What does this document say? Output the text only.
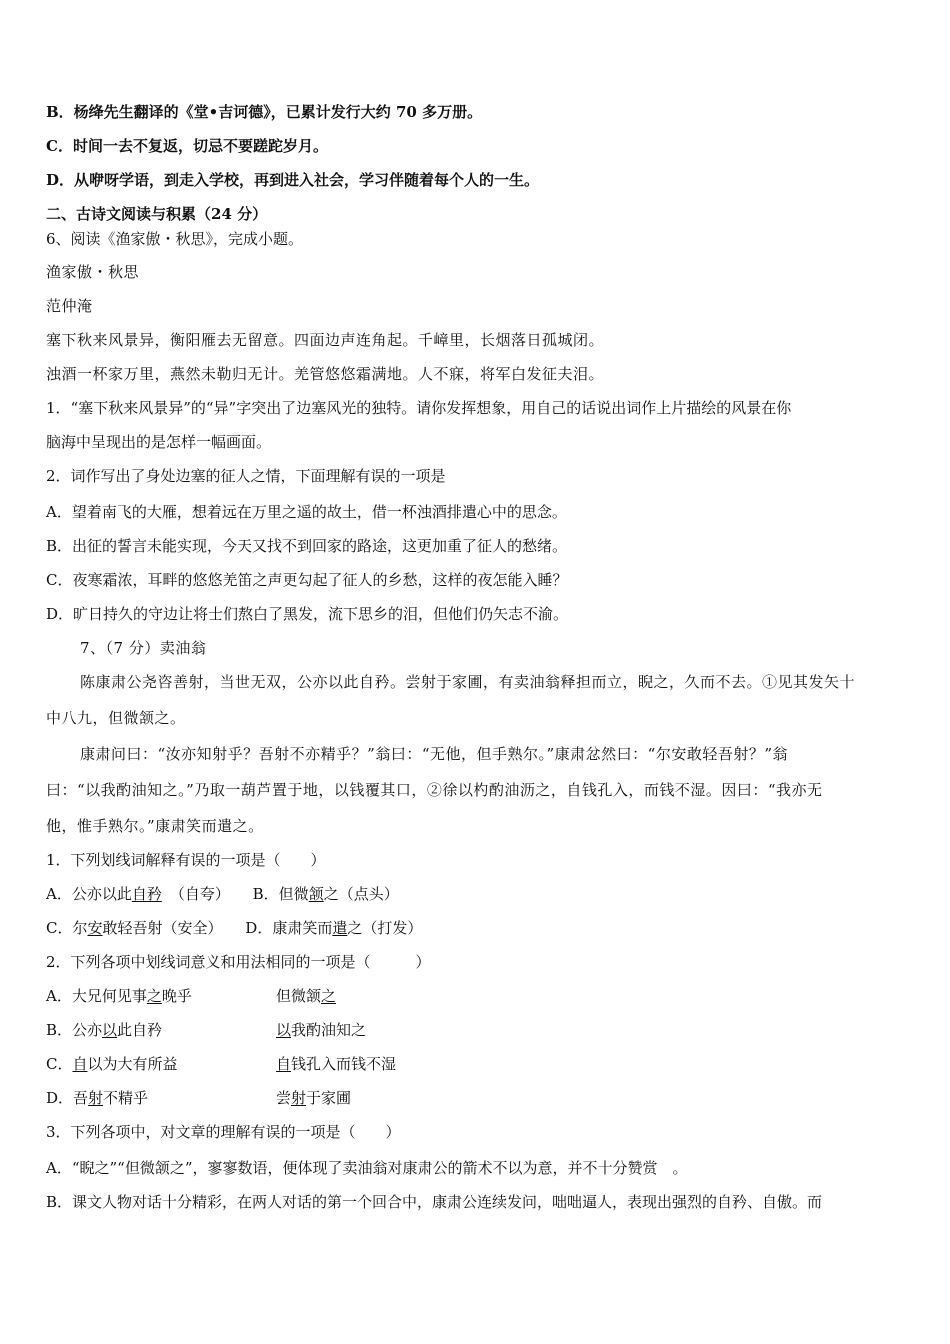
B．杨绛先生翻译的《堂•吉诃德》，已累计发行大约 70 多万册。
C．时间一去不复返，切忌不要蹉跎岁月。
D．从咿呀学语，到走入学校，再到进入社会，学习伴随着每个人的一生。
二、古诗文阅读与积累（24 分）
6、阅读《渔家傲・秋思》，完成小题。
渔家傲・秋思
范仲淹
塞下秋来风景异，衡阳雁去无留意。四面边声连角起。千嶂里，长烟落日孤城闭。
浊酒一杯家万里，燕然未勒归无计。羌管悠悠霜满地。人不寐，将军白发征夫泪。
1．“塞下秋来风景异”的“异”字突出了边塞风光的独特。请你发挥想象，用自己的话说出词作上片描绘的风景在你
脑海中呈现出的是怎样一幅画面。
2．词作写出了身处边塞的征人之情，下面理解有误的一项是
A．望着南飞的大雁，想着远在万里之遥的故土，借一杯浊酒排遣心中的思念。
B．出征的誓言未能实现，今天又找不到回家的路途，这更加重了征人的愁绪。
C．夜寒霜浓，耳畔的悠悠羌笛之声更勾起了征人的乡愁，这样的夜怎能入睡？
D．旷日持久的守边让将士们熬白了黑发，流下思乡的泪，但他们仍矢志不渝。
7、（7 分）卖油翁
陈康肃公尧咨善射，当世无双，公亦以此自矜。尝射于家圃，有卖油翁释担而立，睨之，久而不去。①见其发矢十
中八九，但微颔之。
康肃问曰：“汝亦知射乎？吾射不亦精乎？”翁曰：“无他，但手熟尔。”康肃忿然曰：“尔安敢轻吾射？”翁
曰：“以我酌油知之。”乃取一葫芦置于地，以钱覆其口，②徐以杓酌油沥之，自钱孔入，而钱不湿。因曰：“我亦无
他，惟手熟尔。”康肃笑而遣之。
1．下列划线词解释有误的一项是（　　）
A．公亦以此自矜 （自夸） B．但微颔之（点头）
C．尔安敢轻吾射（安全） D．康肃笑而遣之（打发）
2．下列各项中划线词意义和用法相同的一项是（　　　）
A．大兄何见事之晚乎	但微颔之
B．公亦以此自矜	以我酌油知之
C．自以为大有所益	自钱孔入而钱不湿
D．吾射不精乎	尝射于家圃
3．下列各项中，对文章的理解有误的一项是（　　）
A．“睨之”“但微颔之”，寥寥数语，便体现了卖油翁对康肃公的箭术不以为意，并不十分赞赏　。
B．课文人物对话十分精彩，在两人对话的第一个回合中，康肃公连续发问，咄咄逼人，表现出强烈的自矜、自傲。而
